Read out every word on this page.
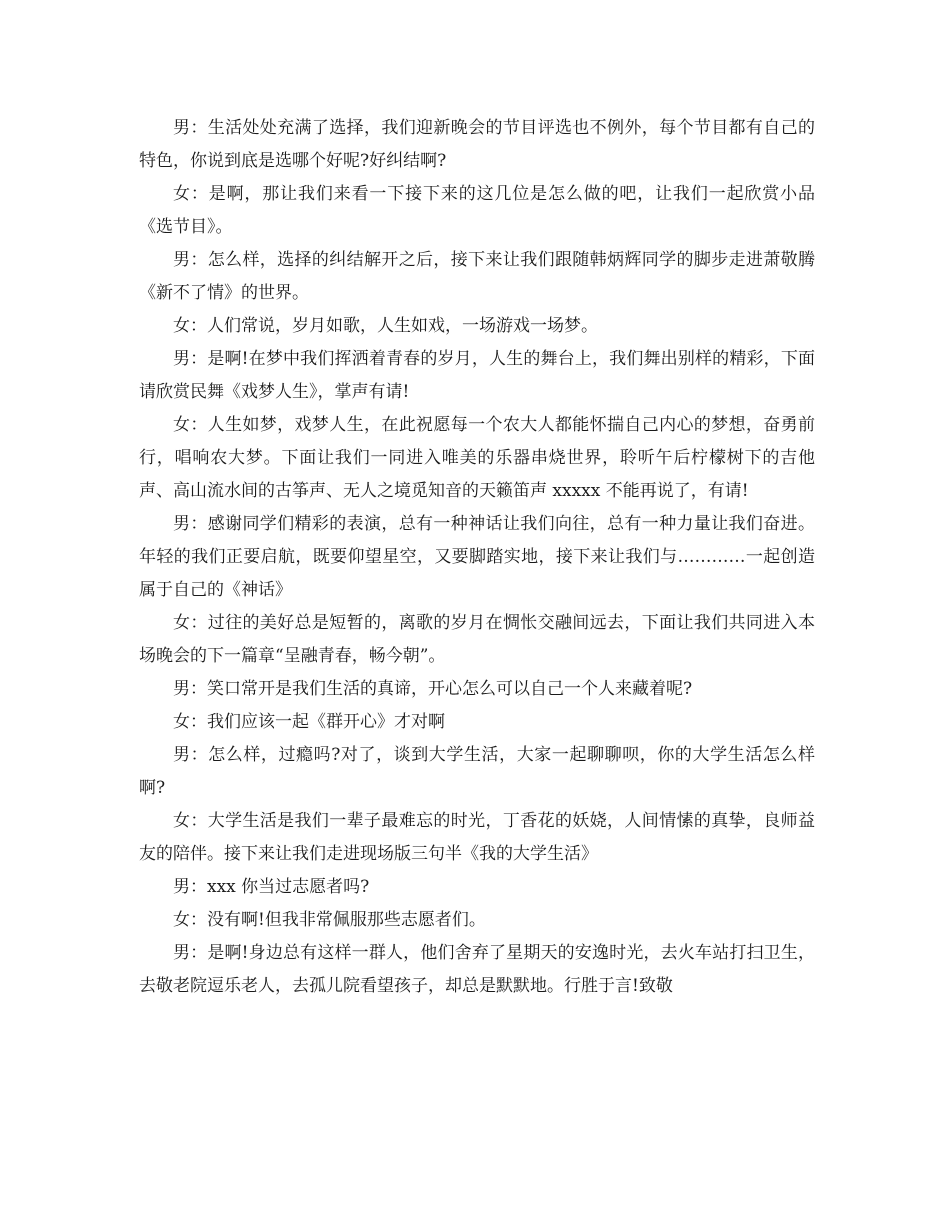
男：生活处处充满了选择，我们迎新晚会的节目评选也不例外，每个节目都有自己的特色，你说到底是选哪个好呢?好纠结啊?

女：是啊，那让我们来看一下接下来的这几位是怎么做的吧，让我们一起欣赏小品《选节目》。

男：怎么样，选择的纠结解开之后，接下来让我们跟随韩炳辉同学的脚步走进萧敬腾《新不了情》的世界。

女：人们常说，岁月如歌，人生如戏，一场游戏一场梦。

男：是啊!在梦中我们挥洒着青春的岁月，人生的舞台上，我们舞出别样的精彩，下面请欣赏民舞《戏梦人生》，掌声有请!

女：人生如梦，戏梦人生，在此祝愿每一个农大人都能怀揣自己内心的梦想，奋勇前行，唱响农大梦。下面让我们一同进入唯美的乐器串烧世界，聆听午后柠檬树下的吉他声、高山流水间的古筝声、无人之境觅知音的天籁笛声 xxxxx 不能再说了，有请!

男：感谢同学们精彩的表演，总有一种神话让我们向往，总有一种力量让我们奋进。年轻的我们正要启航，既要仰望星空，又要脚踏实地，接下来让我们与…………一起创造属于自己的《神话》

女：过往的美好总是短暂的，离歌的岁月在惆怅交融间远去，下面让我们共同进入本场晚会的下一篇章“呈融青春，畅今朝”。

男：笑口常开是我们生活的真谛，开心怎么可以自己一个人来藏着呢?

女：我们应该一起《群开心》才对啊

男：怎么样，过瘾吗?对了，谈到大学生活，大家一起聊聊呗，你的大学生活怎么样啊?

女：大学生活是我们一辈子最难忘的时光，丁香花的妖娆，人间情愫的真挚，良师益友的陪伴。接下来让我们走进现场版三句半《我的大学生活》

男：xxx 你当过志愿者吗?

女：没有啊!但我非常佩服那些志愿者们。

男：是啊!身边总有这样一群人，他们舍弃了星期天的安逸时光，去火车站打扫卫生，去敬老院逗乐老人，去孤儿院看望孩子，却总是默默地。行胜于言!致敬
